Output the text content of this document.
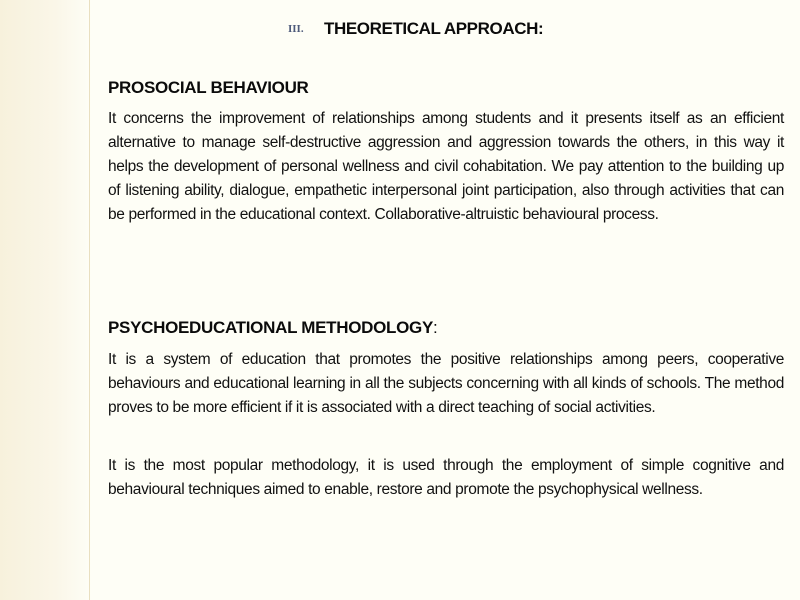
III.	THEORETICAL APPROACH:
PROSOCIAL BEHAVIOUR
It concerns the improvement of relationships among students and it presents itself as an efficient alternative to manage self-destructive aggression and aggression towards the others, in this way it helps the development of personal wellness and civil cohabitation. We pay attention to the building up of listening ability, dialogue, empathetic interpersonal joint participation, also through activities that can be performed in the educational context. Collaborative-altruistic behavioural process.
PSYCHOEDUCATIONAL METHODOLOGY:
It is a system of education that promotes the positive relationships among peers, cooperative behaviours and educational learning in all the subjects concerning with all kinds of schools. The method proves to be more efficient if it is associated with a direct teaching of social activities.
It is the most popular methodology, it is used through the employment of simple cognitive and behavioural techniques aimed to enable, restore and promote the psychophysical wellness.
